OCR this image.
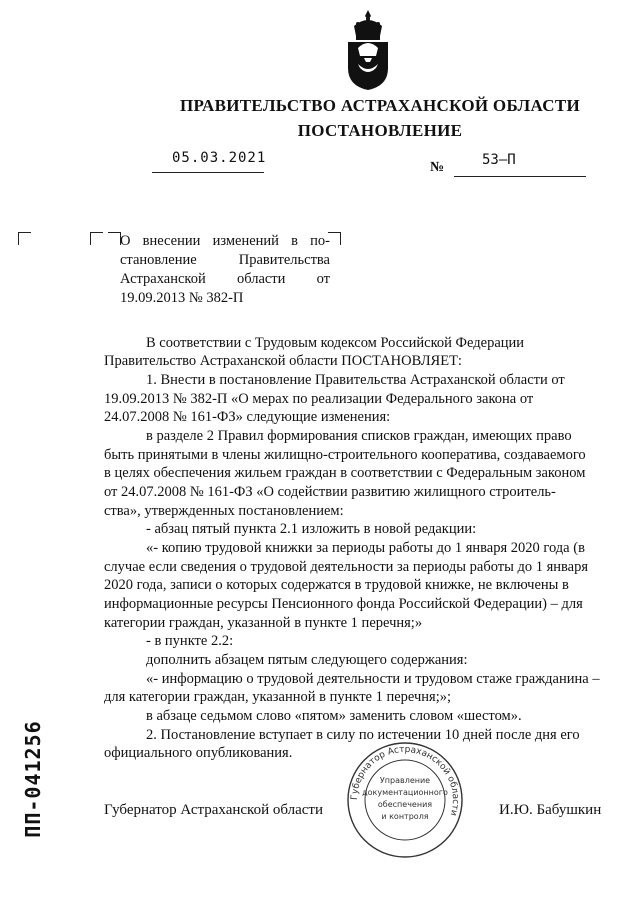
ПРАВИТЕЛЬСТВО АСТРАХАНСКОЙ ОБЛАСТИ
ПОСТАНОВЛЕНИЕ
05.03.2021
№	53–П
О внесении изменений в по-
становление	Правительства
Астраханской области от
19.09.2013 № 382-П
В соответствии с Трудовым кодексом Российской Федерации
Правительство Астраханской области ПОСТАНОВЛЯЕТ:
1. Внести в постановление Правительства Астраханской области от
19.09.2013 № 382-П «О мерах по реализации Федерального закона от
24.07.2008 № 161-ФЗ» следующие изменения:
в разделе 2 Правил формирования списков граждан, имеющих право
быть принятыми в члены жилищно-строительного кооператива, создаваемого
в целях обеспечения жильем граждан в соответствии с Федеральным законом
от 24.07.2008 № 161-ФЗ «О содействии развитию жилищного строитель-
ства», утвержденных постановлением:
- абзац пятый пункта 2.1 изложить в новой редакции:
«- копию трудовой книжки за периоды работы до 1 января 2020 года (в
случае если сведения о трудовой деятельности за периоды работы до 1 января
2020 года, записи о которых содержатся в трудовой книжке, не включены в
информационные ресурсы Пенсионного фонда Российской Федерации) – для
категории граждан, указанной в пункте 1 перечня;»
- в пункте 2.2:
дополнить абзацем пятым следующего содержания:
«- информацию о трудовой деятельности и трудовом стаже гражданина –
для категории граждан, указанной в пункте 1 перечня;»;
в абзаце седьмом слово «пятом» заменить словом «шестом».
2. Постановление вступает в силу по истечении 10 дней после дня его
официального опубликования.
Губернатор Астраханской области	И.Ю. Бабушкин
Губернатор Астраханской области
Управление
документационного
обеспечения
и контроля
ПП-041256
